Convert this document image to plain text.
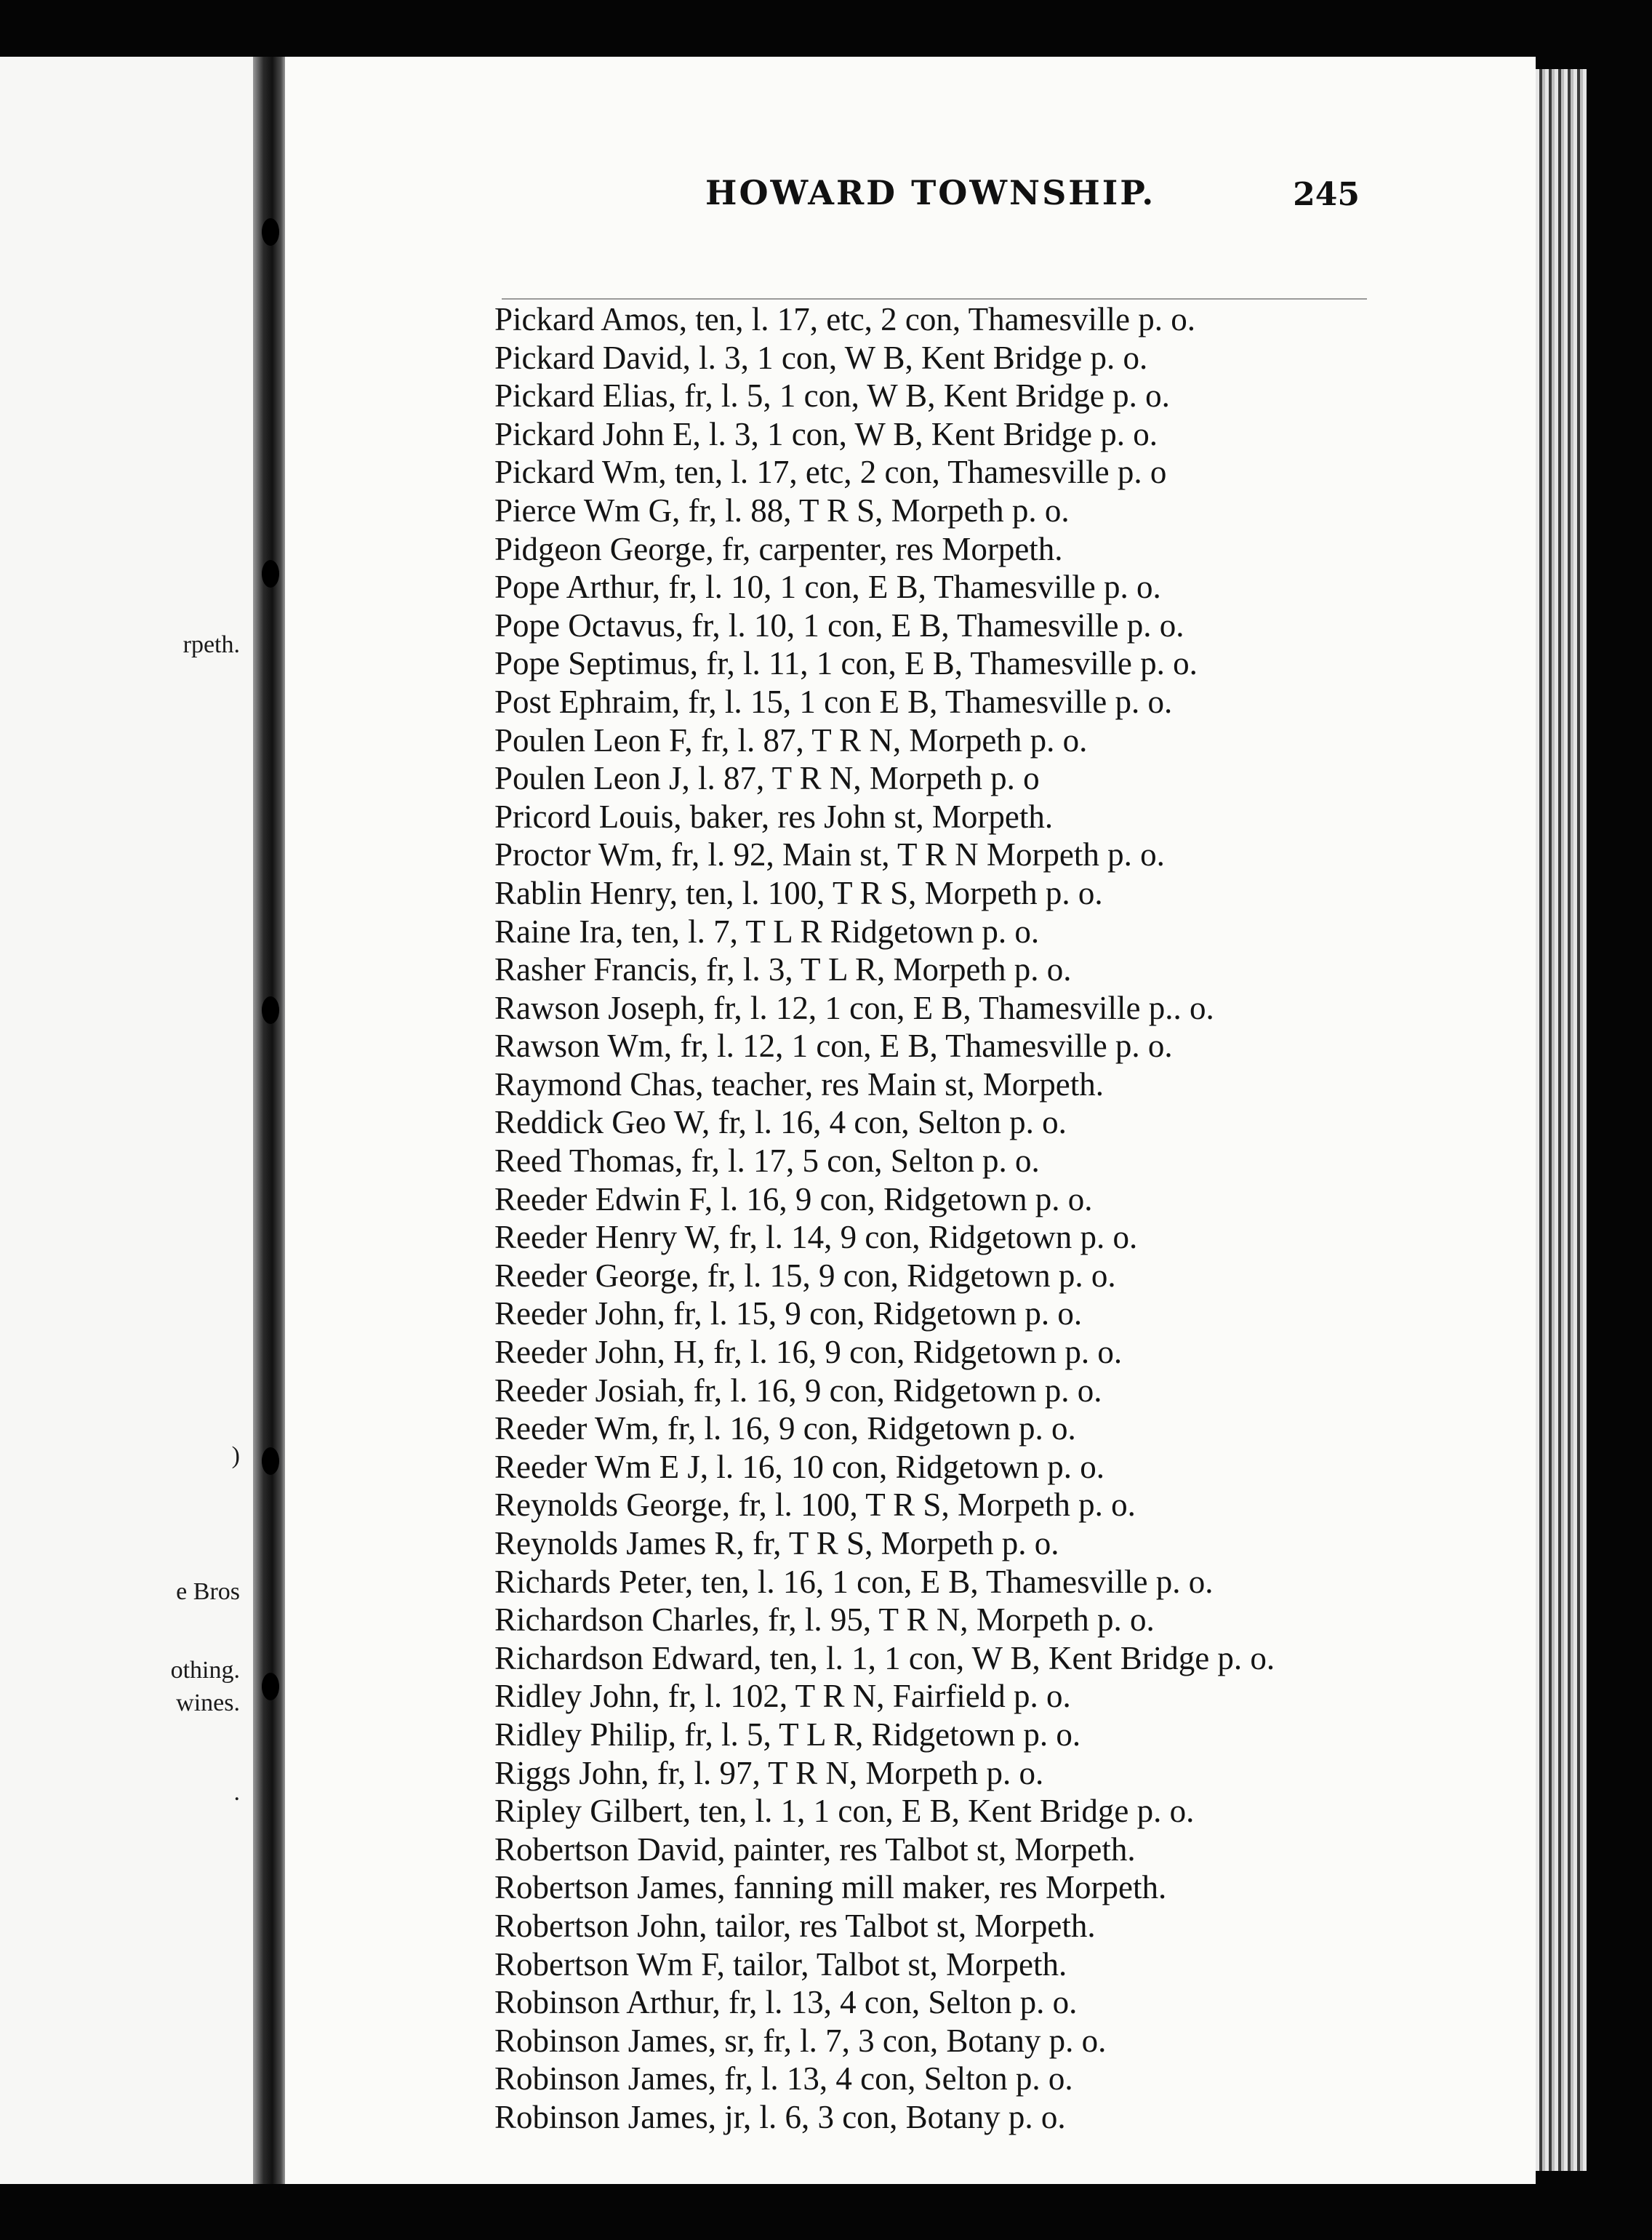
rpeth.
)
e Bros
othing.
wines.
.
HOWARD TOWNSHIP.	245
Pickard Amos, ten, l. 17, etc, 2 con, Thamesville p. o.
Pickard David, l. 3, 1 con, W B, Kent Bridge p. o.
Pickard Elias, fr, l. 5, 1 con, W B, Kent Bridge p. o.
Pickard John E, l. 3, 1 con, W B, Kent Bridge p. o.
Pickard Wm, ten, l. 17, etc, 2 con, Thamesville p. o
Pierce Wm G, fr, l. 88, T R S, Morpeth p. o.
Pidgeon George, fr, carpenter, res Morpeth.
Pope Arthur, fr, l. 10, 1 con, E B, Thamesville p. o.
Pope Octavus, fr, l. 10, 1 con, E B, Thamesville p. o.
Pope Septimus, fr, l. 11, 1 con, E B, Thamesville p. o.
Post Ephraim, fr, l. 15, 1 con E B, Thamesville p. o.
Poulen Leon F, fr, l. 87, T R N, Morpeth p. o.
Poulen Leon J, l. 87, T R N, Morpeth p. o
Pricord Louis, baker, res John st, Morpeth.
Proctor Wm, fr, l. 92, Main st, T R N Morpeth p. o.
Rablin Henry, ten, l. 100, T R S, Morpeth p. o.
Raine Ira, ten, l. 7, T L R Ridgetown p. o.
Rasher Francis, fr, l. 3, T L R, Morpeth p. o.
Rawson Joseph, fr, l. 12, 1 con, E B, Thamesville p.. o.
Rawson Wm, fr, l. 12, 1 con, E B, Thamesville p. o.
Raymond Chas, teacher, res Main st, Morpeth.
Reddick Geo W, fr, l. 16, 4 con, Selton p. o.
Reed Thomas, fr, l. 17, 5 con, Selton p. o.
Reeder Edwin F, l. 16, 9 con, Ridgetown p. o.
Reeder Henry W, fr, l. 14, 9 con, Ridgetown p. o.
Reeder George, fr, l. 15, 9 con, Ridgetown p. o.
Reeder John, fr, l. 15, 9 con, Ridgetown p. o.
Reeder John, H, fr, l. 16, 9 con, Ridgetown p. o.
Reeder Josiah, fr, l. 16, 9 con, Ridgetown p. o.
Reeder Wm, fr, l. 16, 9 con, Ridgetown p. o.
Reeder Wm E J, l. 16, 10 con, Ridgetown p. o.
Reynolds George, fr, l. 100, T R S, Morpeth p. o.
Reynolds James R, fr, T R S, Morpeth p. o.
Richards Peter, ten, l. 16, 1 con, E B, Thamesville p. o.
Richardson Charles, fr, l. 95, T R N, Morpeth p. o.
Richardson Edward, ten, l. 1, 1 con, W B, Kent Bridge p. o.
Ridley John, fr, l. 102, T R N, Fairfield p. o.
Ridley Philip, fr, l. 5, T L R, Ridgetown p. o.
Riggs John, fr, l. 97, T R N, Morpeth p. o.
Ripley Gilbert, ten, l. 1, 1 con, E B, Kent Bridge p. o.
Robertson David, painter, res Talbot st, Morpeth.
Robertson James, fanning mill maker, res Morpeth.
Robertson John, tailor, res Talbot st, Morpeth.
Robertson Wm F, tailor, Talbot st, Morpeth.
Robinson Arthur, fr, l. 13, 4 con, Selton p. o.
Robinson James, sr, fr, l. 7, 3 con, Botany p. o.
Robinson James, fr, l. 13, 4 con, Selton p. o.
Robinson James, jr, l. 6, 3 con, Botany p. o.
